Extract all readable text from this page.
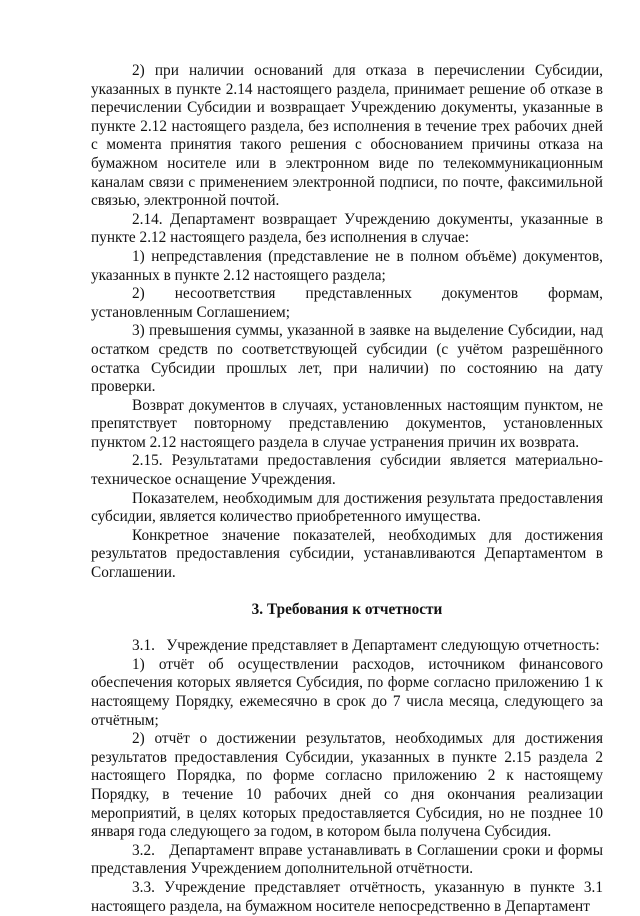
2) при наличии оснований для отказа в перечислении Субсидии, указанных в пункте 2.14 настоящего раздела, принимает решение об отказе в перечислении Субсидии и возвращает Учреждению документы, указанные в пункте 2.12 настоящего раздела, без исполнения в течение трех рабочих дней с момента принятия такого решения с обоснованием причины отказа на бумажном носителе или в электронном виде по телекоммуникационным каналам связи с применением электронной подписи, по почте, факсимильной связью, электронной почтой.

2.14. Департамент возвращает Учреждению документы, указанные в пункте 2.12 настоящего раздела, без исполнения в случае:

1) непредставления (представление не в полном объёме) документов, указанных в пункте 2.12 настоящего раздела;

2) несоответствия представленных документов формам, установленным Соглашением;

3) превышения суммы, указанной в заявке на выделение Субсидии, над остатком средств по соответствующей субсидии (с учётом разрешённого остатка Субсидии прошлых лет, при наличии) по состоянию на дату проверки.

Возврат документов в случаях, установленных настоящим пунктом, не препятствует повторному представлению документов, установленных пунктом 2.12 настоящего раздела в случае устранения причин их возврата.

2.15. Результатами предоставления субсидии является материально-техническое оснащение Учреждения.

Показателем, необходимым для достижения результата предоставления субсидии, является количество приобретенного имущества.

Конкретное значение показателей, необходимых для достижения результатов предоставления субсидии, устанавливаются Департаментом в Соглашении.

3. Требования к отчетности

3.1.   Учреждение представляет в Департамент следующую отчетность:

1) отчёт об осуществлении расходов, источником финансового обеспечения которых является Субсидия, по форме согласно приложению 1 к настоящему Порядку, ежемесячно в срок до 7 числа месяца, следующего за отчётным;

2) отчёт о достижении результатов, необходимых для достижения результатов предоставления Субсидии, указанных в пункте 2.15 раздела 2 настоящего Порядка, по форме согласно приложению 2 к настоящему Порядку, в течение 10 рабочих дней со дня окончания реализации мероприятий, в целях которых предоставляется Субсидия, но не позднее 10 января года следующего за годом, в котором была получена Субсидия.

3.2.   Департамент вправе устанавливать в Соглашении сроки и формы представления Учреждением дополнительной отчётности.

3.3. Учреждение представляет отчётность, указанную в пункте 3.1 настоящего раздела, на бумажном носителе непосредственно в Департамент
